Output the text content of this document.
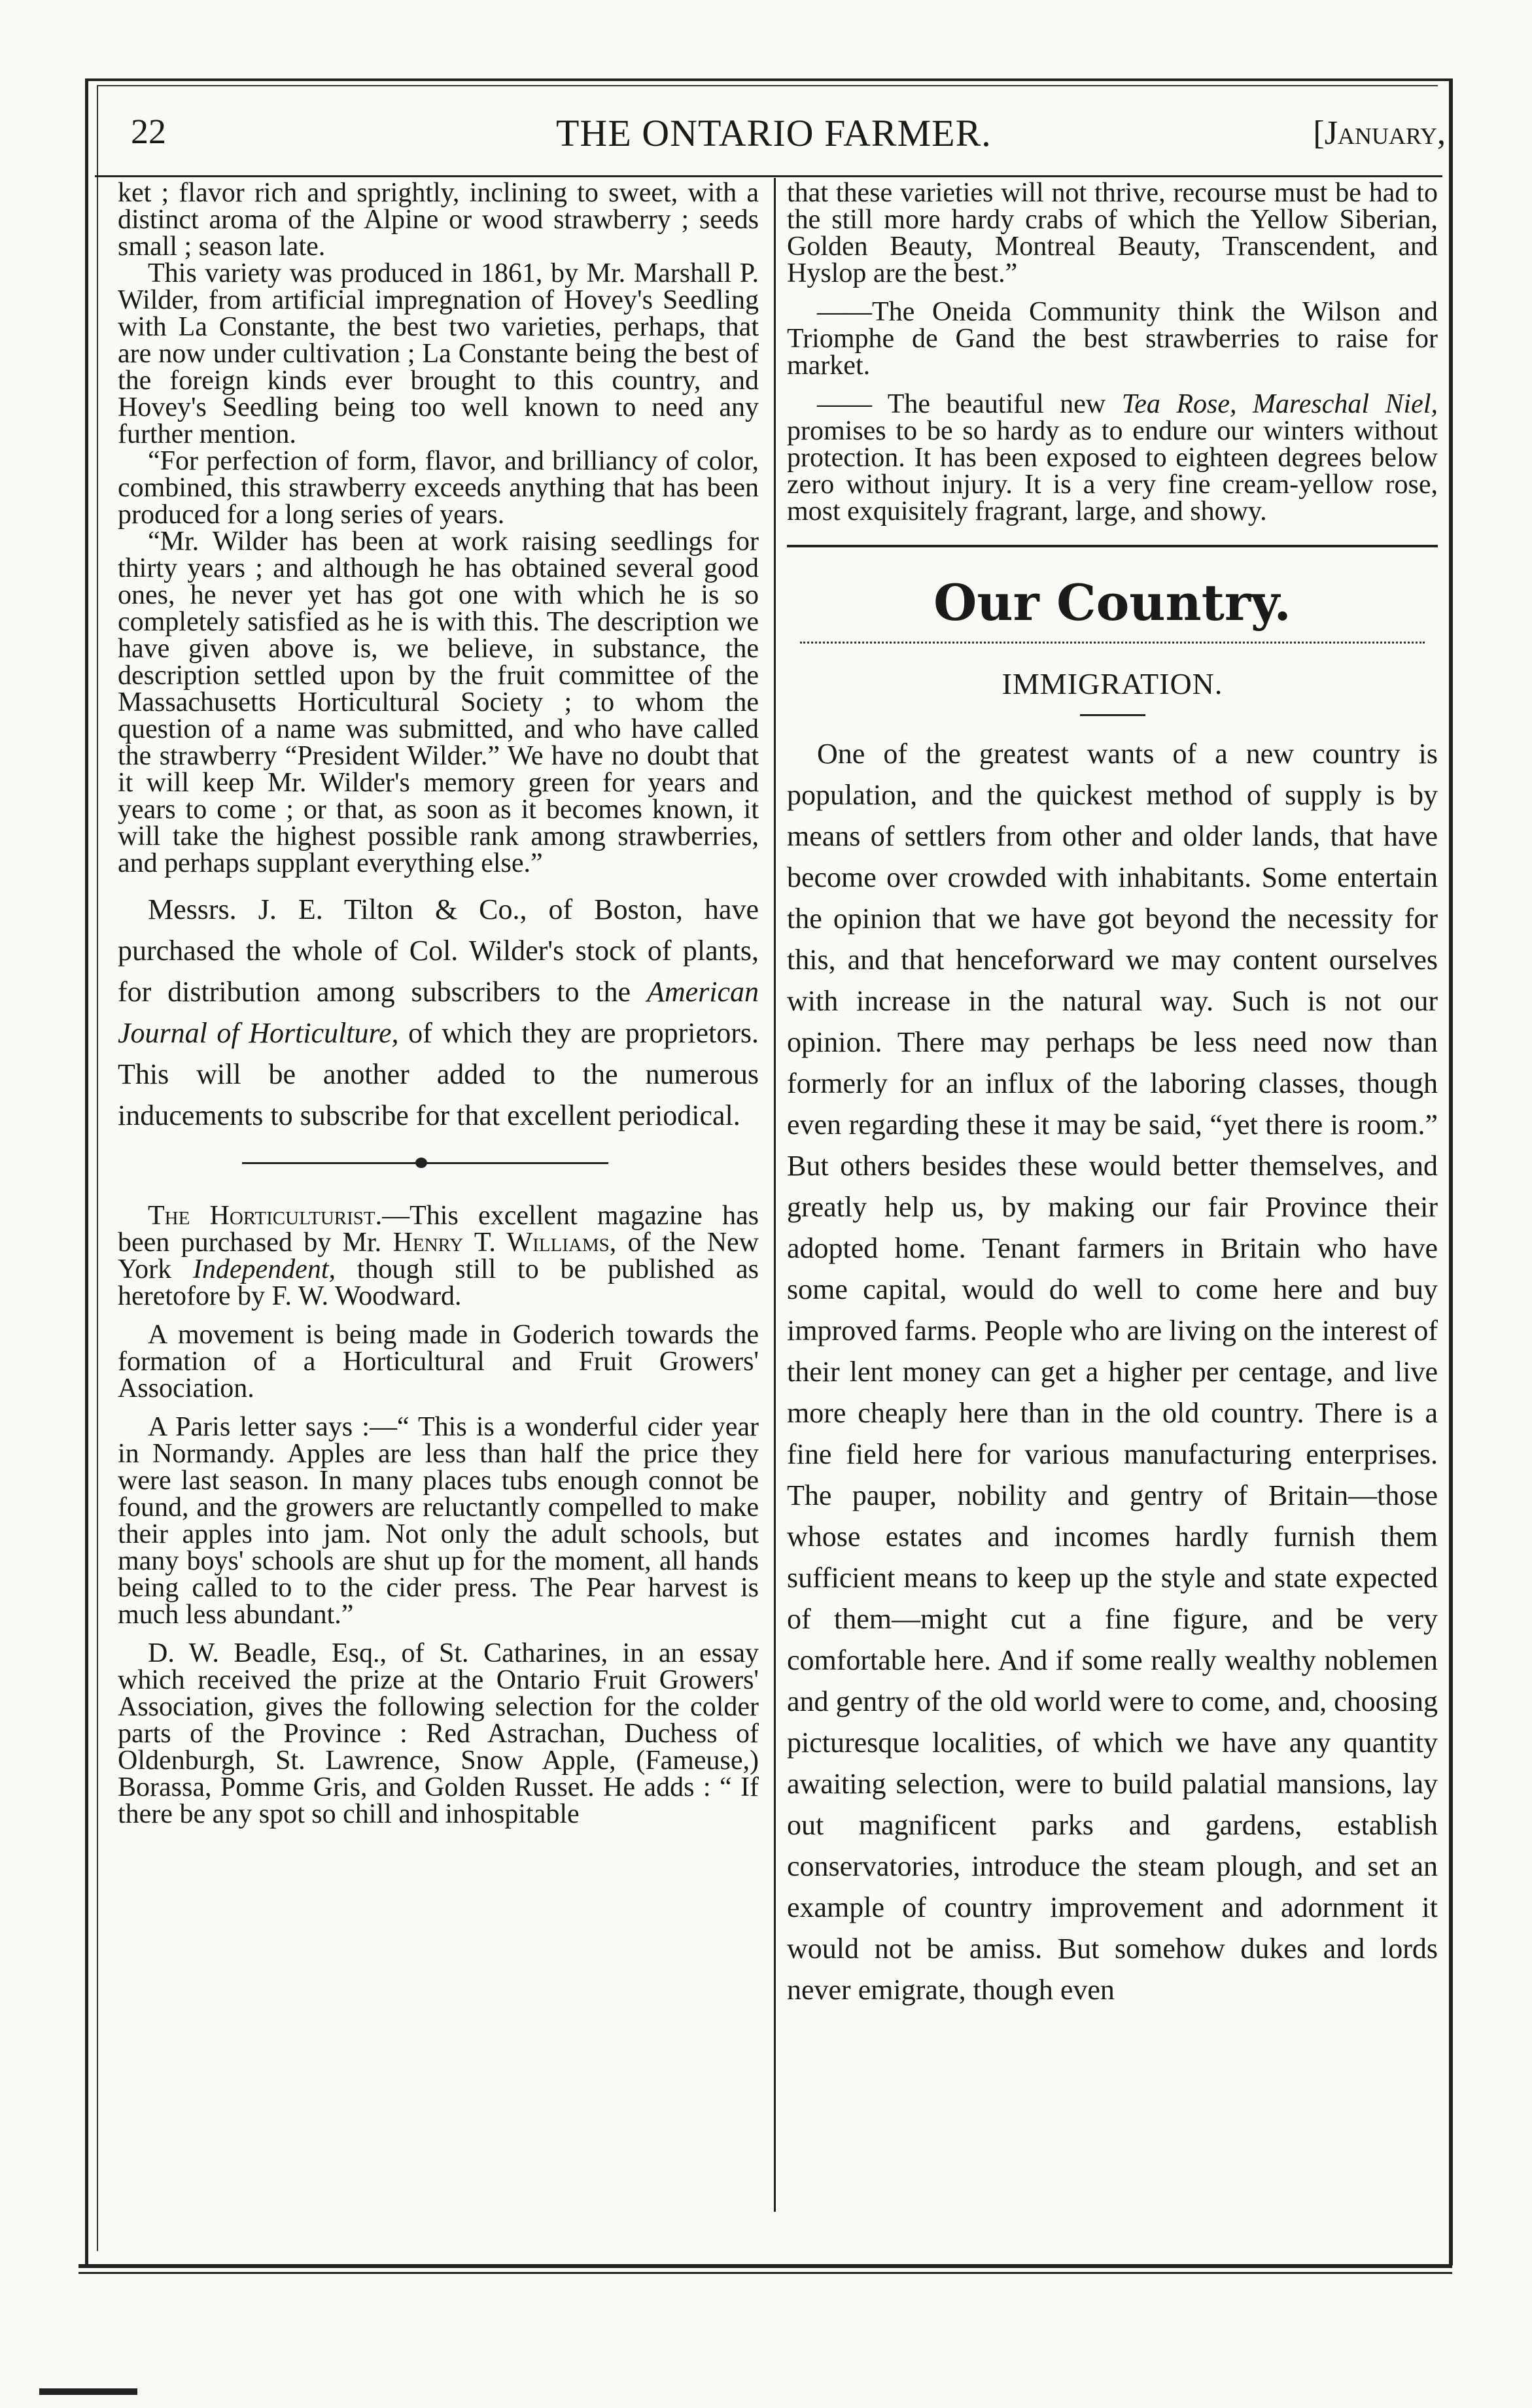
22	THE ONTARIO FARMER.	[January,

ket ; flavor rich and sprightly, inclining to sweet, with a distinct aroma of the Alpine or wood strawberry ; seeds small ; season late.

This variety was produced in 1861, by Mr. Marshall P. Wilder, from artificial impregnation of Hovey's Seedling with La Constante, the best two varieties, perhaps, that are now under cultivation ; La Constante being the best of the foreign kinds ever brought to this country, and Hovey's Seedling being too well known to need any further mention.

“For perfection of form, flavor, and brilliancy of color, combined, this strawberry exceeds anything that has been produced for a long series of years.

“Mr. Wilder has been at work raising seedlings for thirty years ; and although he has obtained several good ones, he never yet has got one with which he is so completely satisfied as he is with this. The description we have given above is, we believe, in substance, the description settled upon by the fruit committee of the Massachusetts Horticultural Society ; to whom the question of a name was submitted, and who have called the strawberry “President Wilder.” We have no doubt that it will keep Mr. Wilder's memory green for years and years to come ; or that, as soon as it becomes known, it will take the highest possible rank among strawberries, and perhaps supplant everything else.”

Messrs. J. E. Tilton & Co., of Boston, have purchased the whole of Col. Wilder's stock of plants, for distribution among subscribers to the American Journal of Horticulture, of which they are proprietors. This will be another added to the numerous inducements to subscribe for that excellent periodical.

The Horticulturist.—This excellent magazine has been purchased by Mr. Henry T. Williams, of the New York Independent, though still to be published as heretofore by F. W. Woodward.

A movement is being made in Goderich towards the formation of a Horticultural and Fruit Growers' Association.

A Paris letter says :—“ This is a wonderful cider year in Normandy. Apples are less than half the price they were last season. In many places tubs enough connot be found, and the growers are reluctantly compelled to make their apples into jam. Not only the adult schools, but many boys' schools are shut up for the moment, all hands being called to to the cider press. The Pear harvest is much less abundant.”

D. W. Beadle, Esq., of St. Catharines, in an essay which received the prize at the Ontario Fruit Growers' Association, gives the following selection for the colder parts of the Province : Red Astrachan, Duchess of Oldenburgh, St. Lawrence, Snow Apple, (Fameuse,) Borassa, Pomme Gris, and Golden Russet. He adds : “ If there be any spot so chill and inhospitable

that these varieties will not thrive, recourse must be had to the still more hardy crabs of which the Yellow Siberian, Golden Beauty, Montreal Beauty, Transcendent, and Hyslop are the best.”

——The Oneida Community think the Wilson and Triomphe de Gand the best strawberries to raise for market.

—— The beautiful new Tea Rose, Mareschal Niel, promises to be so hardy as to endure our winters without protection. It has been exposed to eighteen degrees below zero without injury. It is a very fine cream-yellow rose, most exquisitely fragrant, large, and showy.

Our Country.
IMMIGRATION.

One of the greatest wants of a new country is population, and the quickest method of supply is by means of settlers from other and older lands, that have become over crowded with inhabitants. Some entertain the opinion that we have got beyond the necessity for this, and that henceforward we may content ourselves with increase in the natural way. Such is not our opinion. There may perhaps be less need now than formerly for an influx of the laboring classes, though even regarding these it may be said, “yet there is room.” But others besides these would better themselves, and greatly help us, by making our fair Province their adopted home. Tenant farmers in Britain who have some capital, would do well to come here and buy improved farms. People who are living on the interest of their lent money can get a higher per centage, and live more cheaply here than in the old country. There is a fine field here for various manufacturing enterprises. The pauper, nobility and gentry of Britain—those whose estates and incomes hardly furnish them sufficient means to keep up the style and state expected of them—might cut a fine figure, and be very comfortable here. And if some really wealthy noblemen and gentry of the old world were to come, and, choosing picturesque localities, of which we have any quantity awaiting selection, were to build palatial mansions, lay out magnificent parks and gardens, establish conservatories, introduce the steam plough, and set an example of country improvement and adornment it would not be amiss. But somehow dukes and lords never emigrate, though even
